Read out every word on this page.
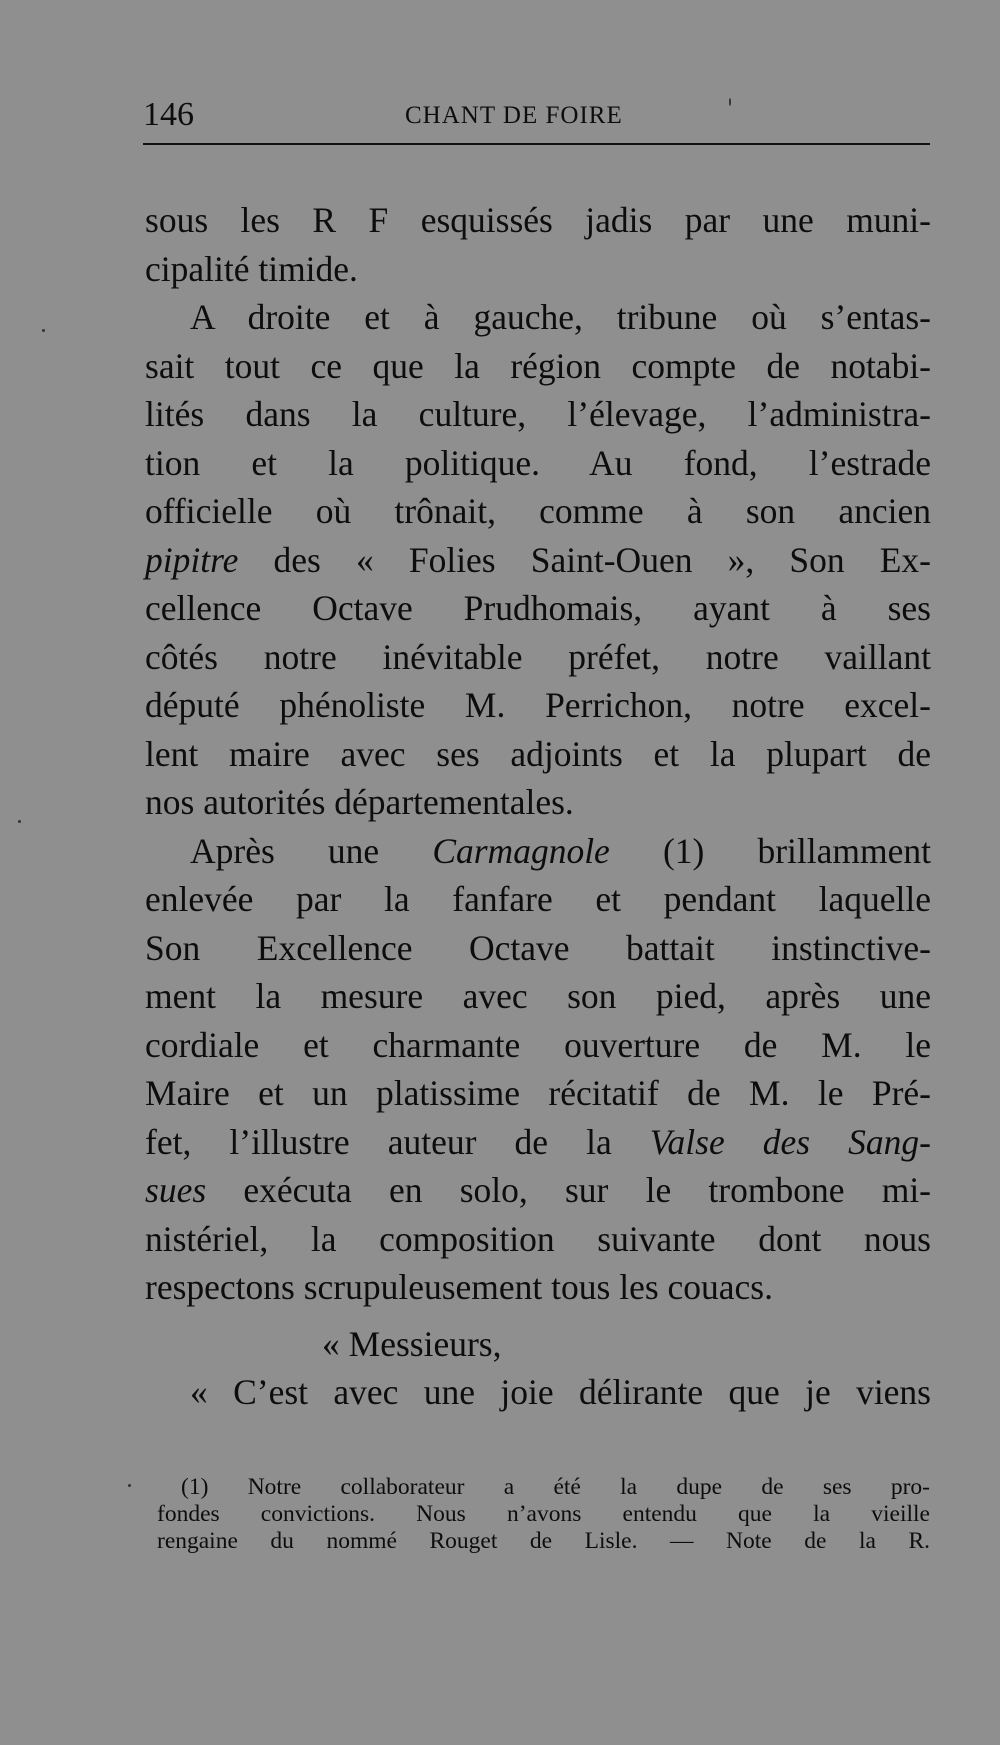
146	CHANT DE FOIRE
sous les R F esquissés jadis par une muni-
cipalité timide.
A droite et à gauche, tribune où s’entas-
sait tout ce que la région compte de notabi-
lités dans la culture, l’élevage, l’administra-
tion et la politique. Au fond, l’estrade
officielle où trônait, comme à son ancien
pipitre des « Folies Saint-Ouen », Son Ex-
cellence Octave Prudhomais, ayant à ses
côtés notre inévitable préfet, notre vaillant
député phénoliste M. Perrichon, notre excel-
lent maire avec ses adjoints et la plupart de
nos autorités départementales.
Après une Carmagnole (1) brillamment
enlevée par la fanfare et pendant laquelle
Son Excellence Octave battait instinctive-
ment la mesure avec son pied, après une
cordiale et charmante ouverture de M. le
Maire et un platissime récitatif de M. le Pré-
fet, l’illustre auteur de la Valse des Sang-
sues exécuta en solo, sur le trombone mi-
nistériel, la composition suivante dont nous
respectons scrupuleusement tous les couacs.
« Messieurs,
« C’est avec une joie délirante que je viens
(1) Notre collaborateur a été la dupe de ses pro-
fondes convictions. Nous n’avons entendu que la vieille
rengaine du nommé Rouget de Lisle. — Note de la R.
